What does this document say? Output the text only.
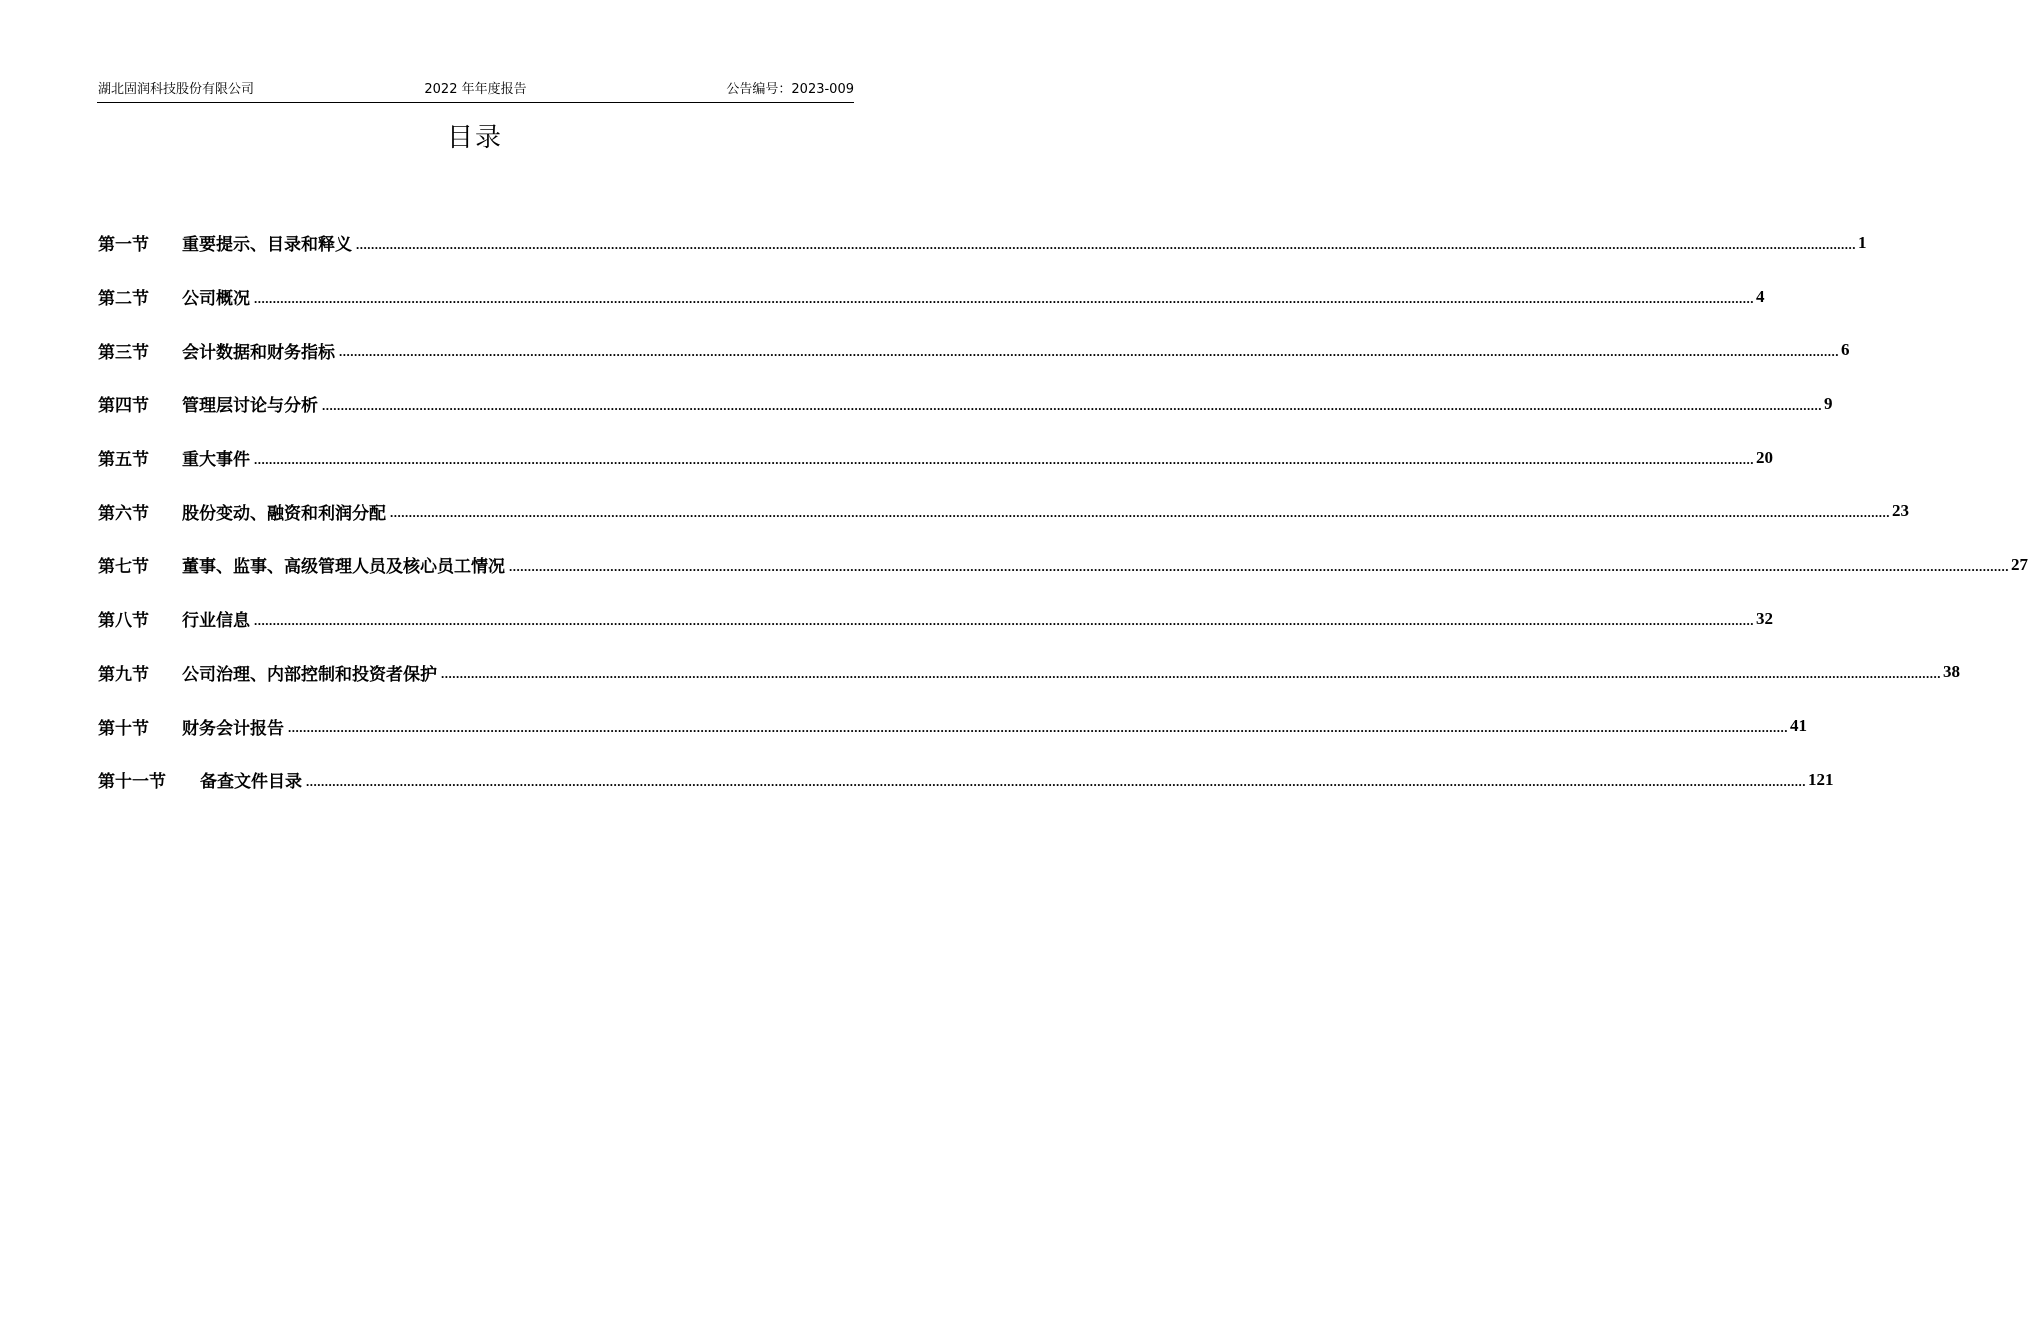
湖北固润科技股份有限公司	2022 年年度报告	公告编号：2023-009
目录
第一节	重要提示、目录和释义 ................................................................................................................................................................................................................................................................................................................................................................................................................ 1
第二节	公司概况 ................................................................................................................................................................................................................................................................................................................................................................................................................ 4
第三节	会计数据和财务指标 ................................................................................................................................................................................................................................................................................................................................................................................................................ 6
第四节	管理层讨论与分析 ................................................................................................................................................................................................................................................................................................................................................................................................................ 9
第五节	重大事件 ................................................................................................................................................................................................................................................................................................................................................................................................................ 20
第六节	股份变动、融资和利润分配 ................................................................................................................................................................................................................................................................................................................................................................................................................ 23
第七节	董事、监事、高级管理人员及核心员工情况 ................................................................................................................................................................................................................................................................................................................................................................................................................ 27
第八节	行业信息 ................................................................................................................................................................................................................................................................................................................................................................................................................ 32
第九节	公司治理、内部控制和投资者保护 ................................................................................................................................................................................................................................................................................................................................................................................................................ 38
第十节	财务会计报告 ................................................................................................................................................................................................................................................................................................................................................................................................................ 41
第十一节	备查文件目录 ................................................................................................................................................................................................................................................................................................................................................................................................................ 121
